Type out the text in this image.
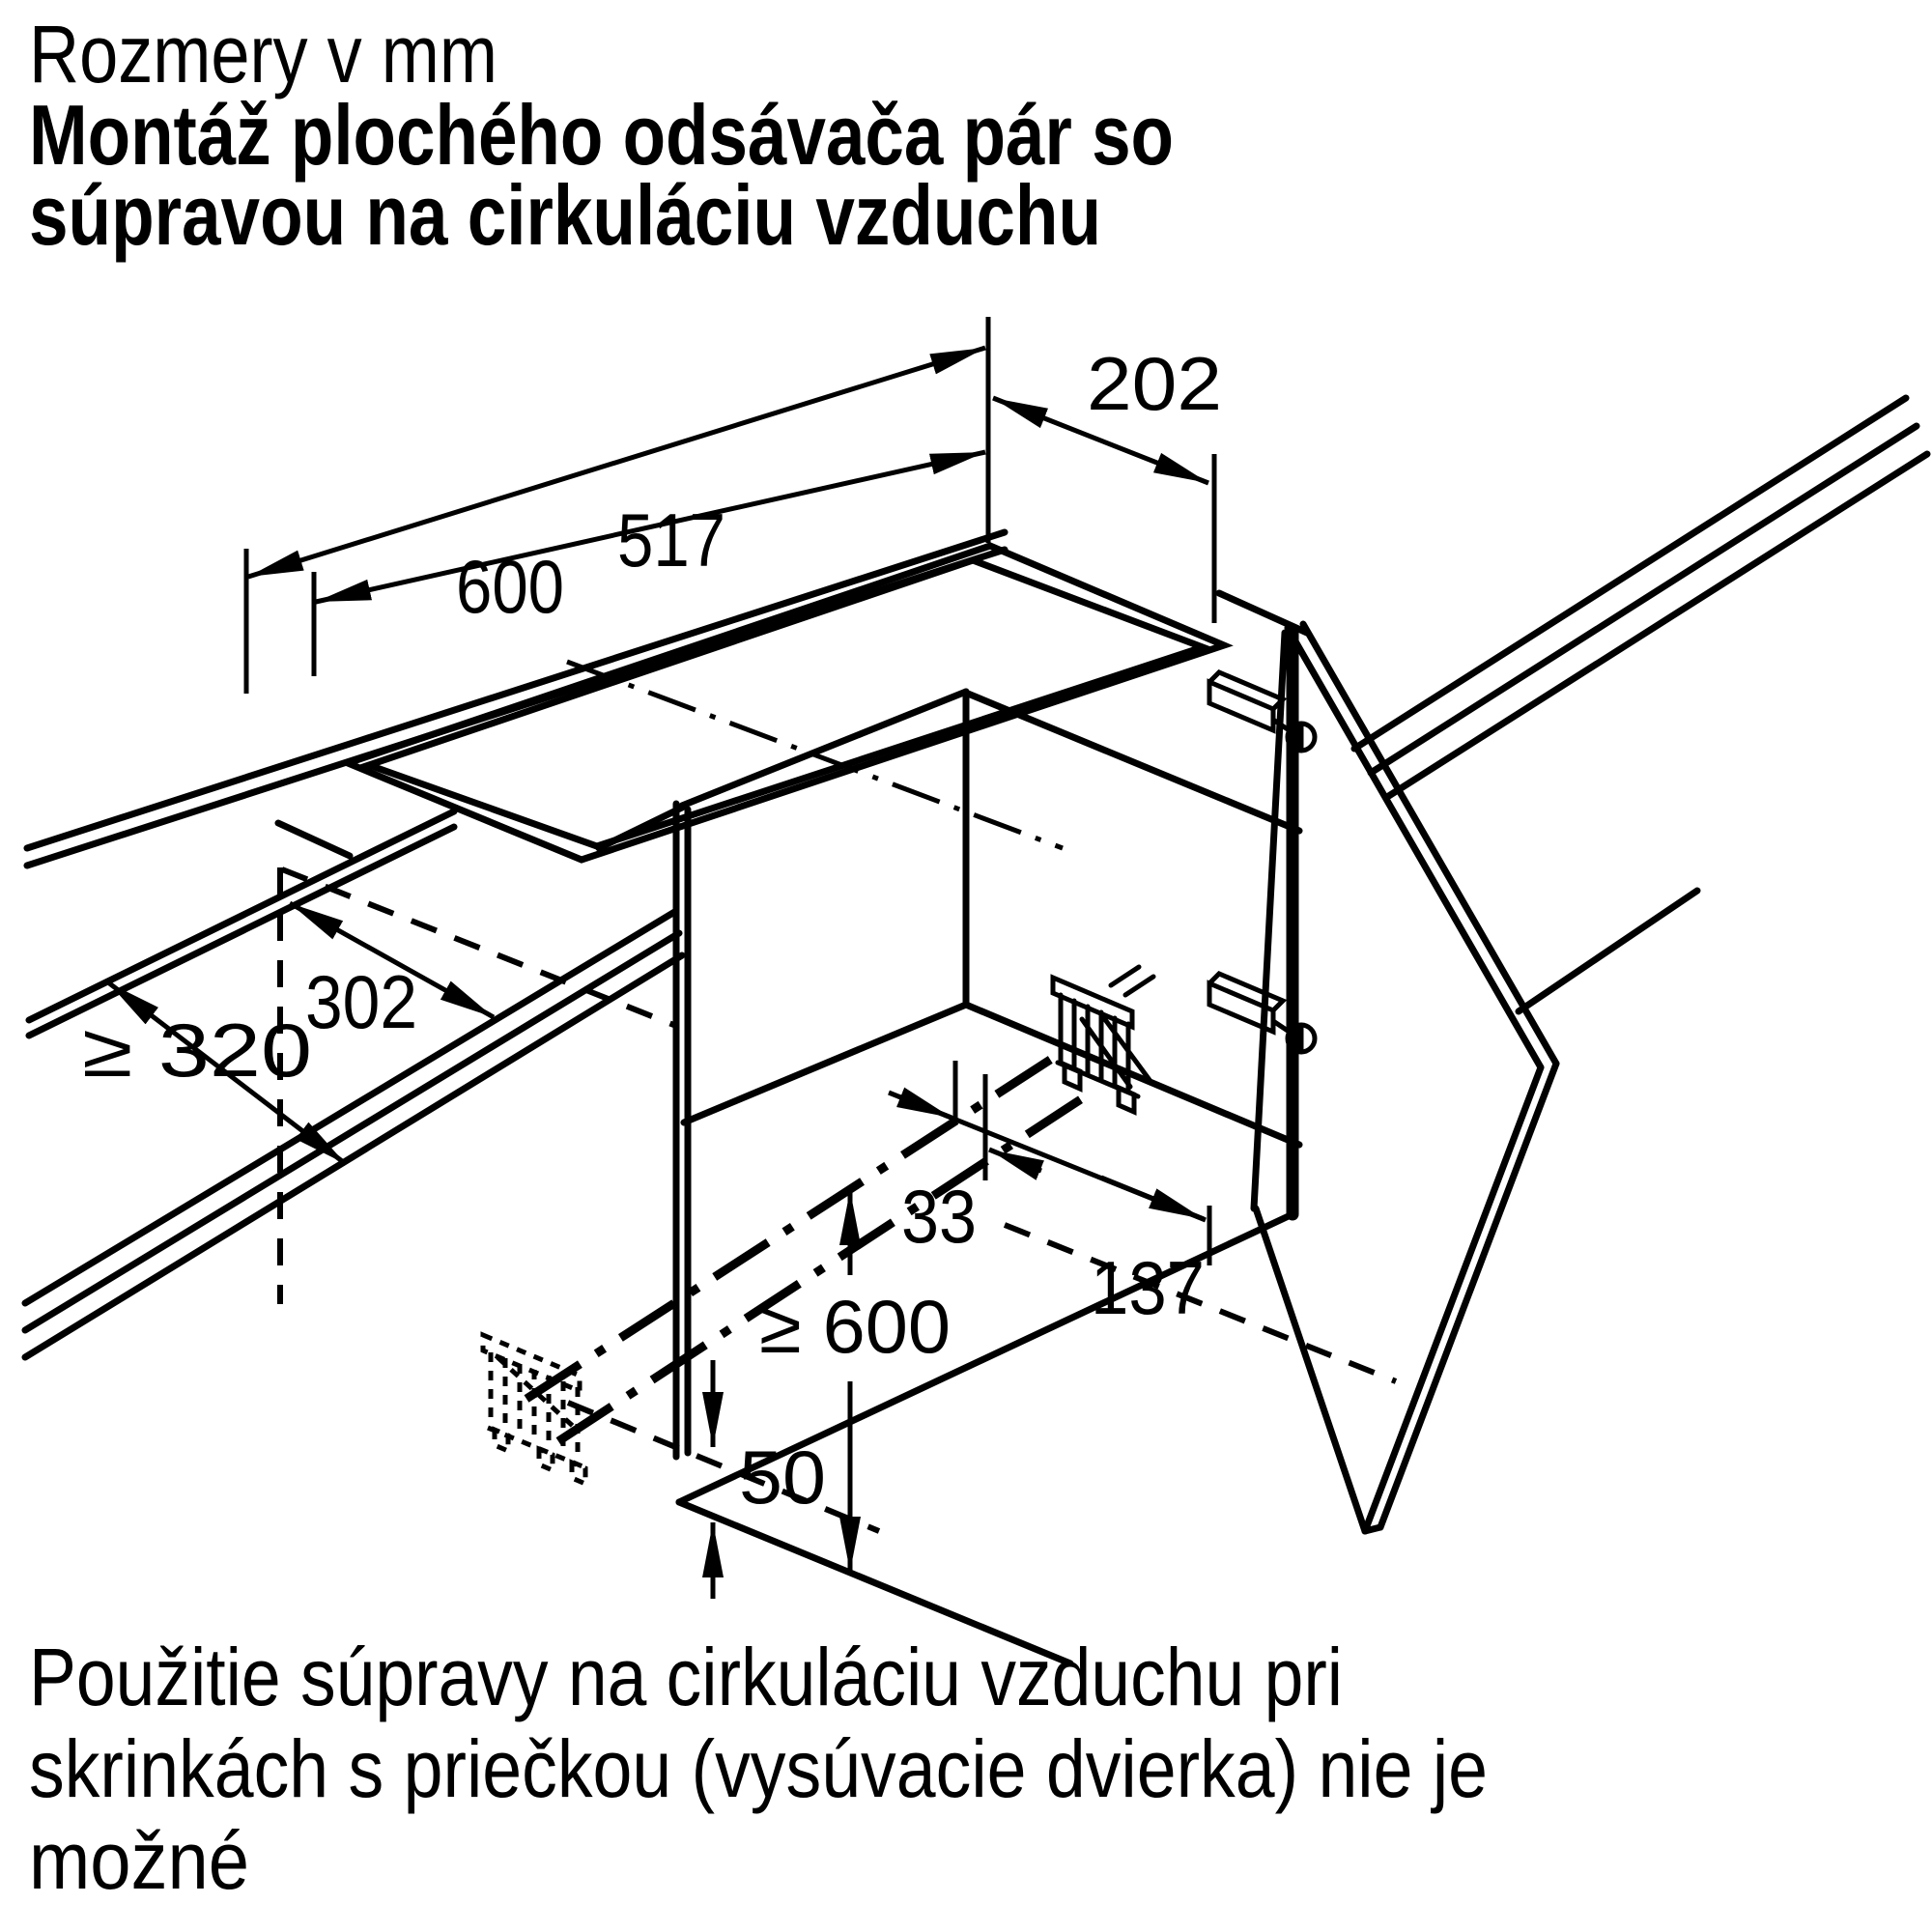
Rozmery v mm
Montáž plochého odsávača pár so
súpravou na cirkuláciu vzduchu
600
517
202
302
≥ 320
33
137
≥ 600
50
Použitie súpravy na cirkuláciu vzduchu pri
skrinkách s priečkou (vysúvacie dvierka) nie je
možné
